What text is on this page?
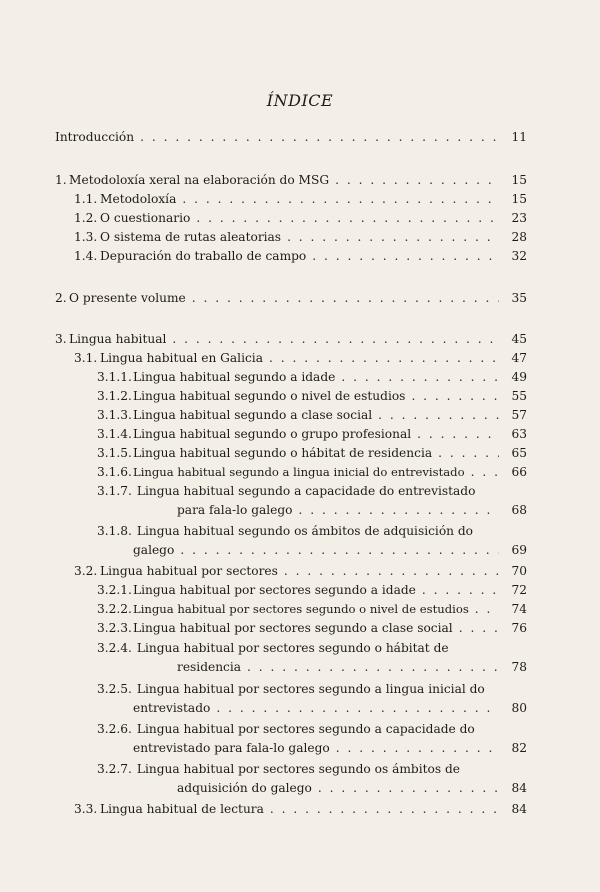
ÍNDICE
Introducción . . .	11
1. Metodoloxía xeral na elaboración do MSG . . .	15
1.1. Metodoloxía . . .	15
1.2. O cuestionario . . .	23
1.3. O sistema de rutas aleatorias . . .	28
1.4. Depuración do traballo de campo . . .	32
2. O presente volume . . .	35
3. Lingua habitual . . .	45
3.1. Lingua habitual en Galicia . . .	47
3.1.1. Lingua habitual segundo a idade . . .	49
3.1.2. Lingua habitual segundo o nivel de estudios . . .	55
3.1.3. Lingua habitual segundo a clase social . . .	57
3.1.4. Lingua habitual segundo o grupo profesional . . .	63
3.1.5. Lingua habitual segundo o hábitat de residencia . . .	65
3.1.6. Lingua habitual segundo a lingua inicial do entrevistado . . .	66
3.1.7. Lingua habitual segundo a capacidade do entrevistado
para fala-lo galego . . .	68
3.1.8. Lingua habitual segundo os ámbitos de adquisición do
galego . . .	69
3.2. Lingua habitual por sectores . . .	70
3.2.1. Lingua habitual por sectores segundo a idade . . .	72
3.2.2. Lingua habitual por sectores segundo o nivel de estudios . . .	74
3.2.3. Lingua habitual por sectores segundo a clase social . . .	76
3.2.4. Lingua habitual por sectores segundo o hábitat de
residencia . . .	78
3.2.5. Lingua habitual por sectores segundo a lingua inicial do
entrevistado . . .	80
3.2.6. Lingua habitual por sectores segundo a capacidade do
entrevistado para fala-lo galego . . .	82
3.2.7. Lingua habitual por sectores segundo os ámbitos de
adquisición do galego . . .	84
3.3. Lingua habitual de lectura . . .	84
